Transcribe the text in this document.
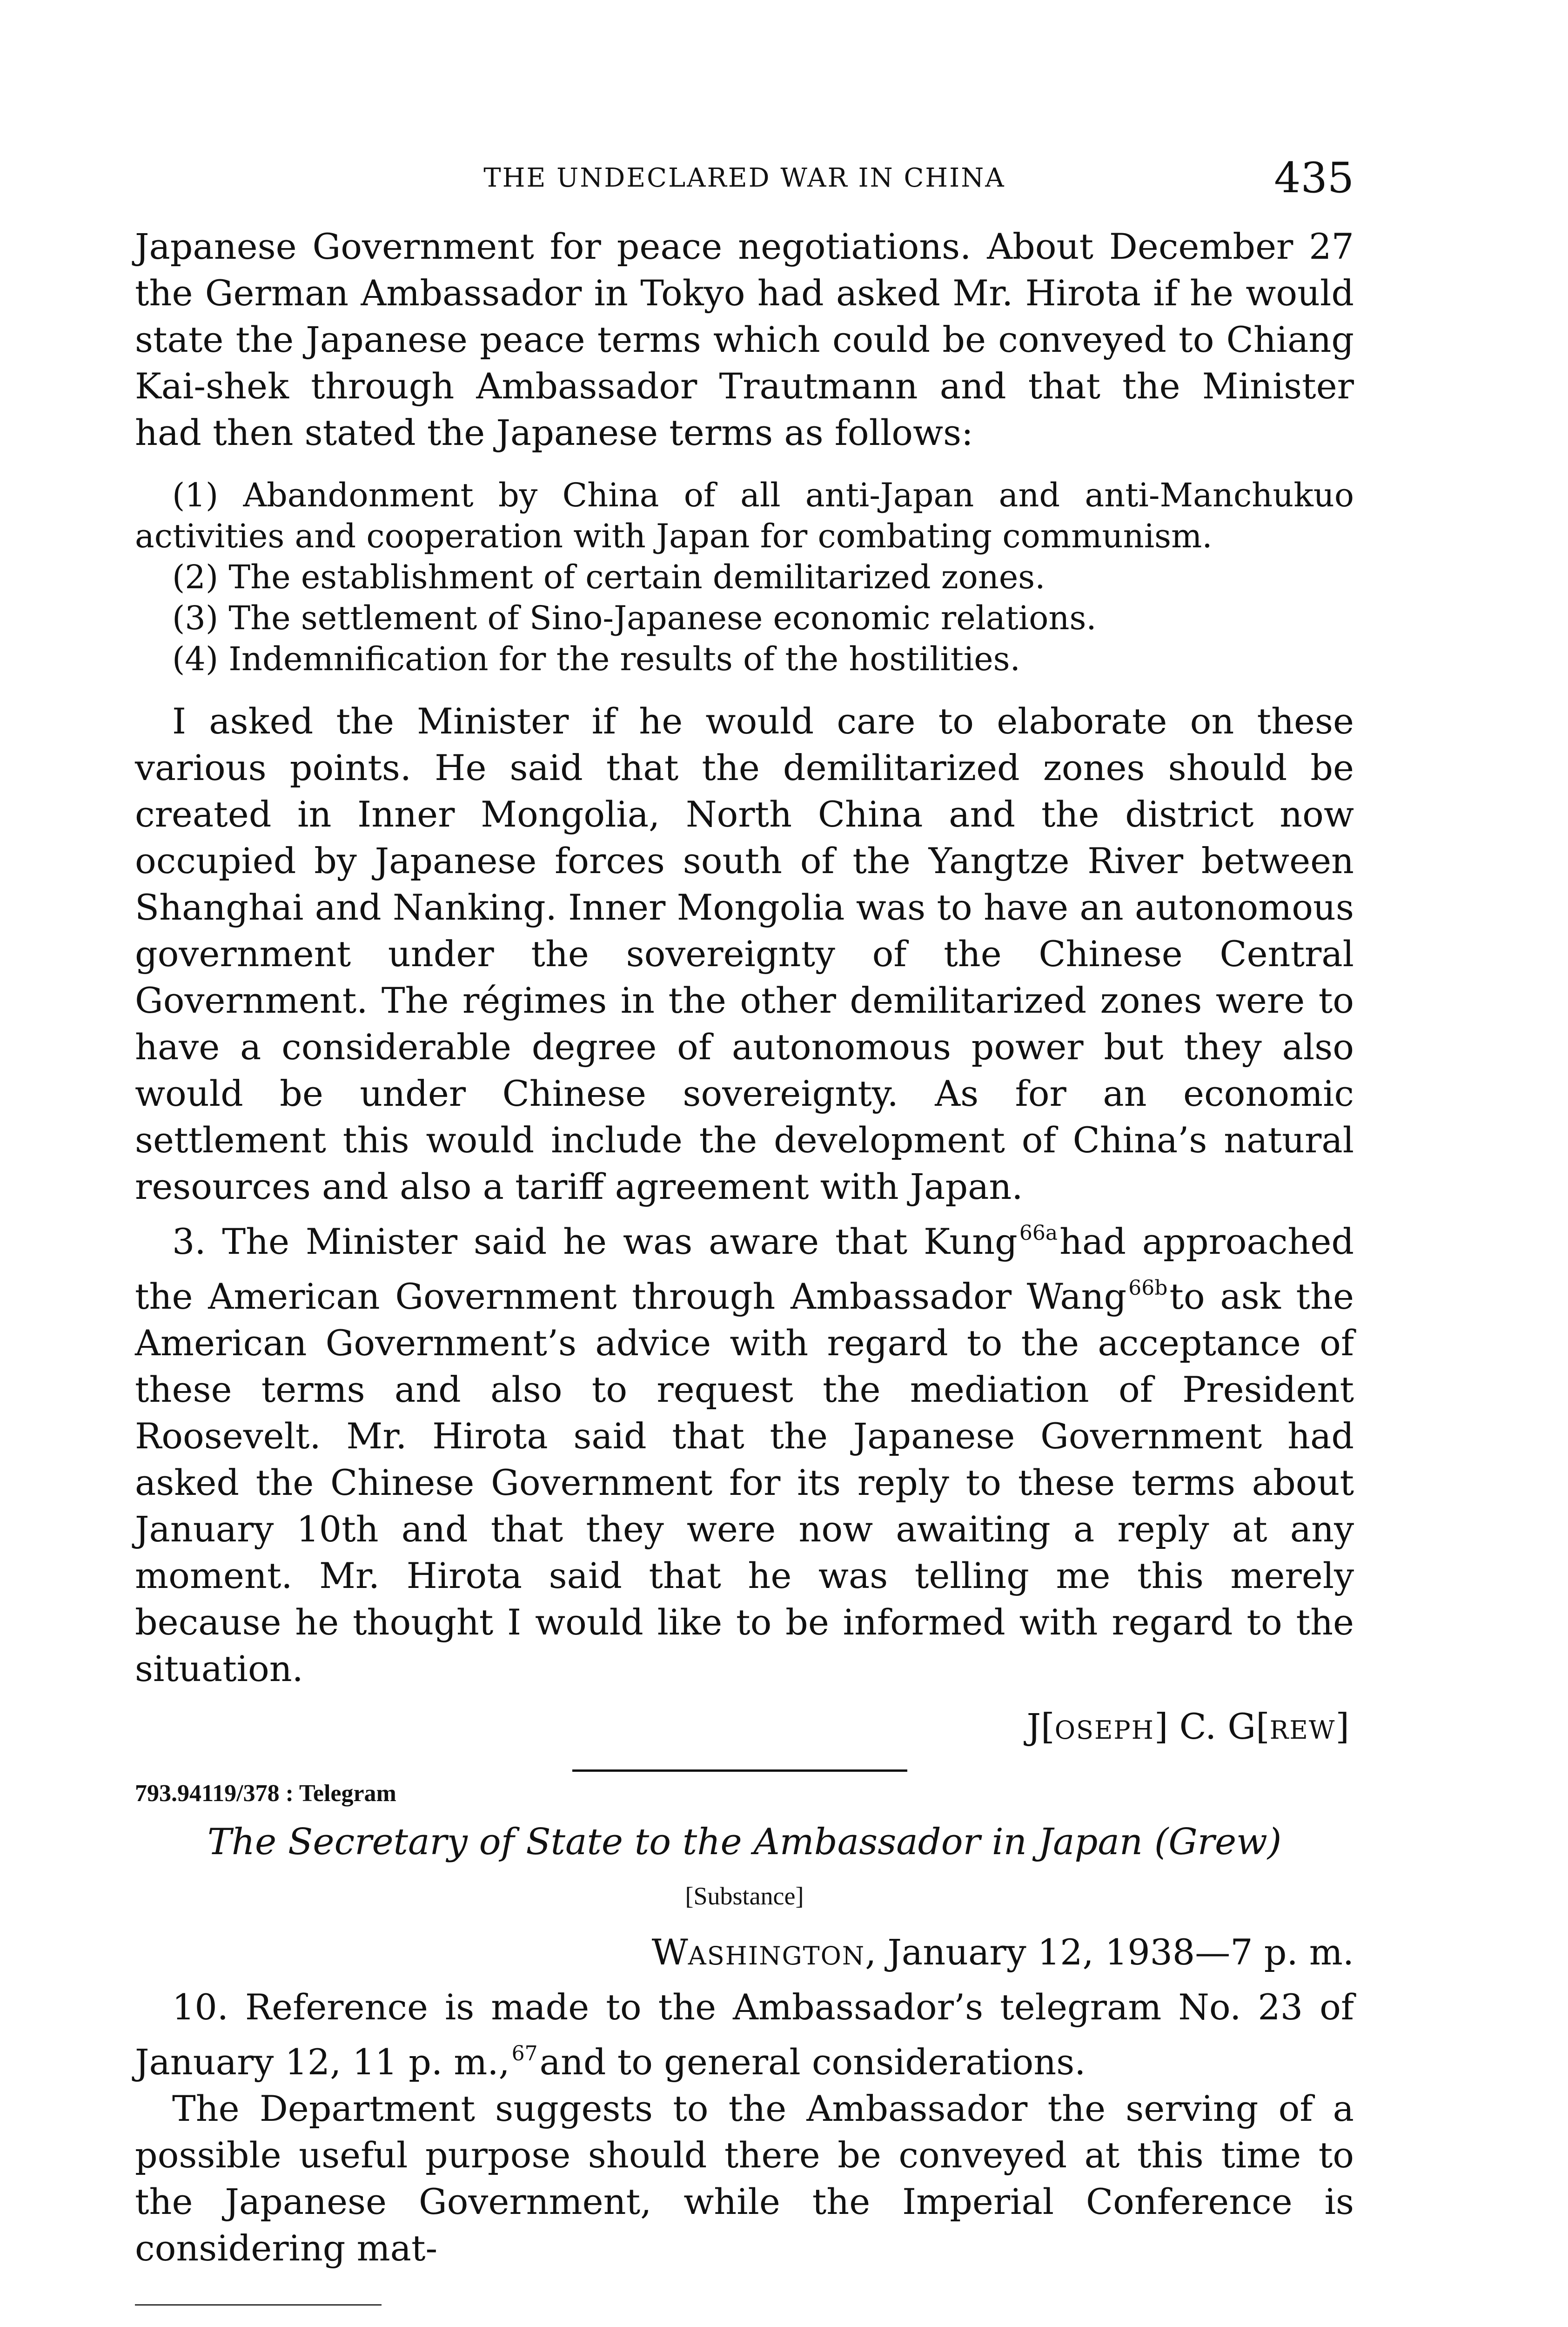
THE UNDECLARED WAR IN CHINA	435

Japanese Government for peace negotiations. About December 27 the German Ambassador in Tokyo had asked Mr. Hirota if he would state the Japanese peace terms which could be conveyed to Chiang Kai-shek through Ambassador Trautmann and that the Minister had then stated the Japanese terms as follows:

(1) Abandonment by China of all anti-Japan and anti-Manchukuo activities and cooperation with Japan for combating communism.

(2) The establishment of certain demilitarized zones.

(3) The settlement of Sino-Japanese economic relations.

(4) Indemnification for the results of the hostilities.

I asked the Minister if he would care to elaborate on these various points. He said that the demilitarized zones should be created in Inner Mongolia, North China and the district now occupied by Japanese forces south of the Yangtze River between Shanghai and Nanking. Inner Mongolia was to have an autonomous government under the sovereignty of the Chinese Central Government. The régimes in the other demilitarized zones were to have a considerable degree of autonomous power but they also would be under Chinese sovereignty. As for an economic settlement this would include the development of China’s natural resources and also a tariff agreement with Japan.

3. The Minister said he was aware that Kung$^{66a}$had approached the American Government through Ambassador Wang$^{66b}$to ask the American Government’s advice with regard to the acceptance of these terms and also to request the mediation of President Roosevelt. Mr. Hirota said that the Japanese Government had asked the Chinese Government for its reply to these terms about January 10th and that they were now awaiting a reply at any moment. Mr. Hirota said that he was telling me this merely because he thought I would like to be informed with regard to the situation.

J[OSEPH] C. G[REW]

793.94119/378 : Telegram

The Secretary of State to the Ambassador in Japan (Grew)

[Substance]

WASHINGTON, January 12, 1938—7 p. m.

10. Reference is made to the Ambassador’s telegram No. 23 of January 12, 11 p. m.,$^{67}$and to general considerations.

The Department suggests to the Ambassador the serving of a possible useful purpose should there be conveyed at this time to the Japanese Government, while the Imperial Conference is considering mat-
